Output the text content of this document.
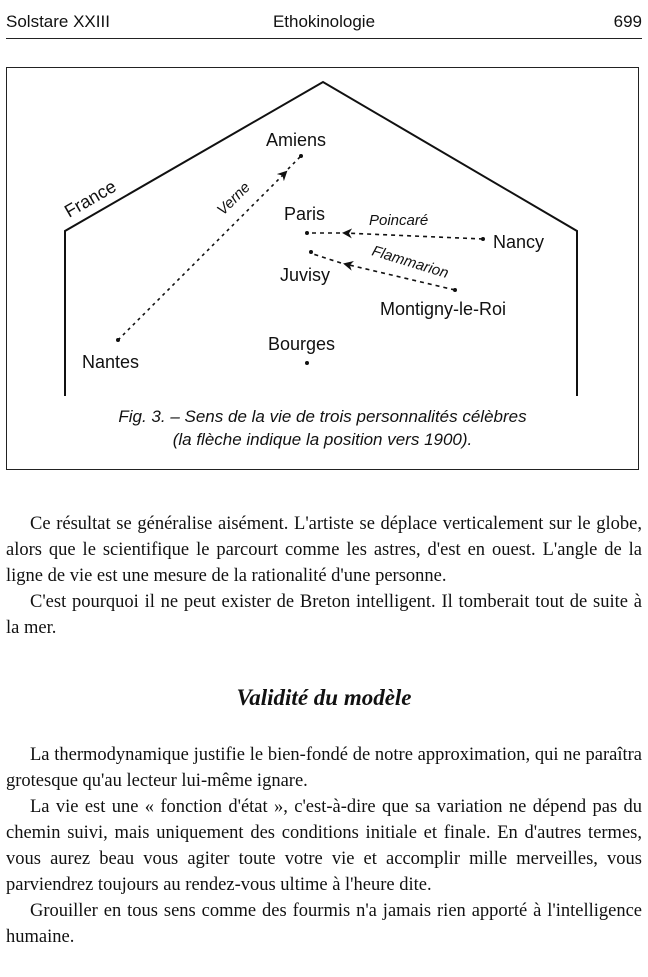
Solstare XXIII	Ethokinologie	699
France
Amiens
Paris
Nancy
Juvisy
Montigny-le-Roi
Bourges
Nantes
Verne
Poincaré
Flammarion
Fig. 3. – Sens de la vie de trois personnalités célèbres
(la flèche indique la position vers 1900).

Ce résultat se généralise aisément. L'artiste se déplace verticalement sur le globe, alors que le scientifique le parcourt comme les astres, d'est en ouest. L'angle de la ligne de vie est une mesure de la rationalité d'une personne.

C'est pourquoi il ne peut exister de Breton intelligent. Il tomberait tout de suite à la mer.

Validité du modèle

La thermodynamique justifie le bien-fondé de notre approximation, qui ne paraîtra grotesque qu'au lecteur lui-même ignare.

La vie est une « fonction d'état », c'est-à-dire que sa variation ne dépend pas du chemin suivi, mais uniquement des conditions initiale et finale. En d'autres termes, vous aurez beau vous agiter toute votre vie et accomplir mille merveilles, vous parviendrez toujours au rendez-vous ultime à l'heure dite.

Grouiller en tous sens comme des fourmis n'a jamais rien apporté à l'intelligence humaine.
